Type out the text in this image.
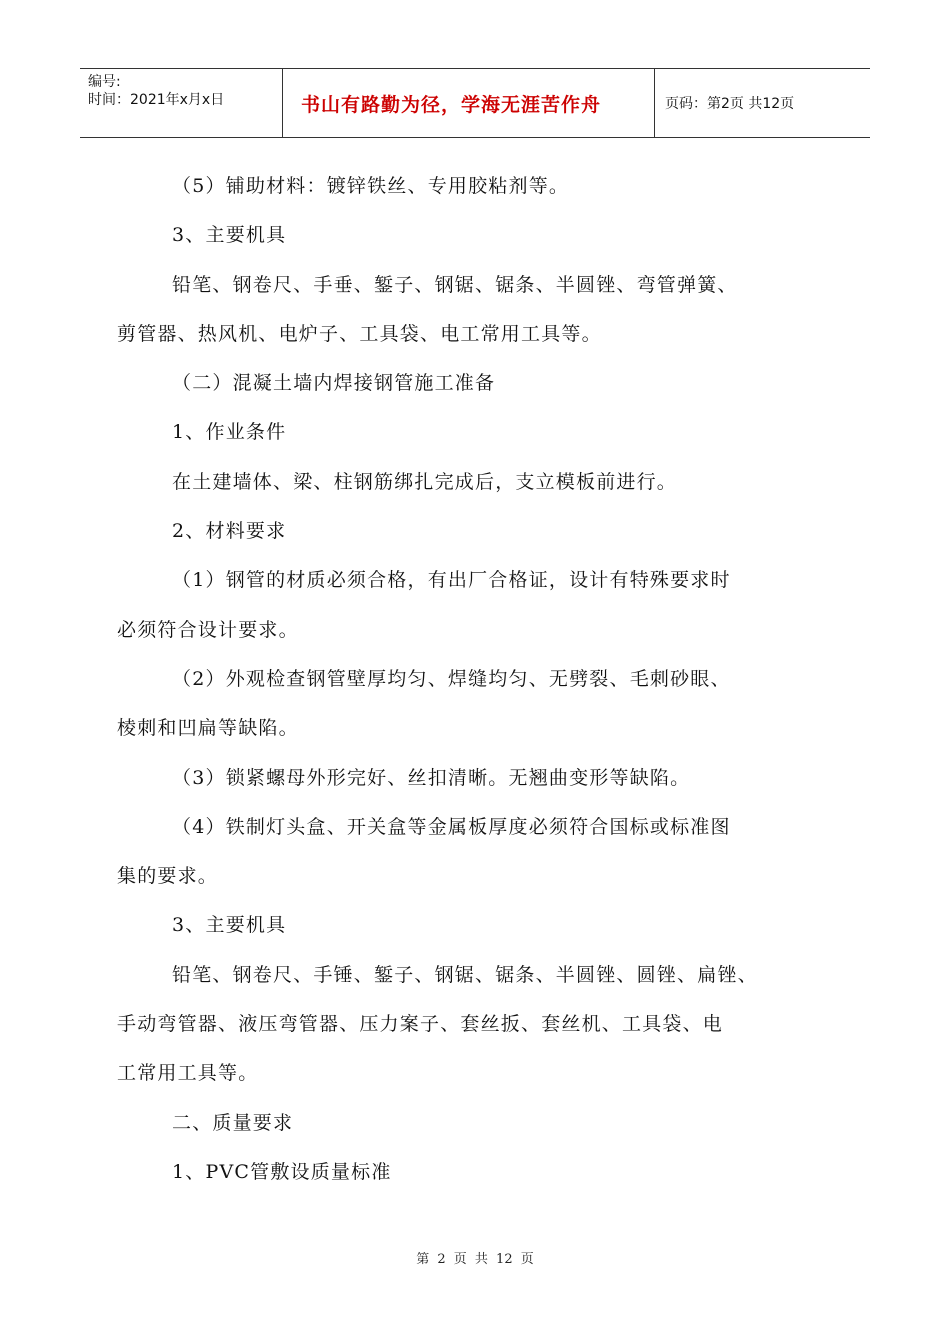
编号:
时间：2021年x月x日	书山有路勤为径，学海无涯苦作舟	页码：第2页 共12页
（5）铺助材料：镀锌铁丝、专用胶粘剂等。
3、主要机具
铅笔、钢卷尺、手垂、錾子、钢锯、锯条、半圆锉、弯管弹簧、
剪管器、热风机、电炉子、工具袋、电工常用工具等。
（二）混凝土墙内焊接钢管施工准备
1、作业条件
在土建墙体、梁、柱钢筋绑扎完成后，支立模板前进行。
2、材料要求
（1）钢管的材质必须合格，有出厂合格证，设计有特殊要求时
必须符合设计要求。
（2）外观检查钢管壁厚均匀、焊缝均匀、无劈裂、毛刺砂眼、
棱刺和凹扁等缺陷。
（3）锁紧螺母外形完好、丝扣清晰。无翘曲变形等缺陷。
（4）铁制灯头盒、开关盒等金属板厚度必须符合国标或标准图
集的要求。
3、主要机具
铅笔、钢卷尺、手锤、錾子、钢锯、锯条、半圆锉、圆锉、扁锉、
手动弯管器、液压弯管器、压力案子、套丝扳、套丝机、工具袋、电
工常用工具等。
二、质量要求
1、PVC管敷设质量标准
第 2 页 共 12 页
